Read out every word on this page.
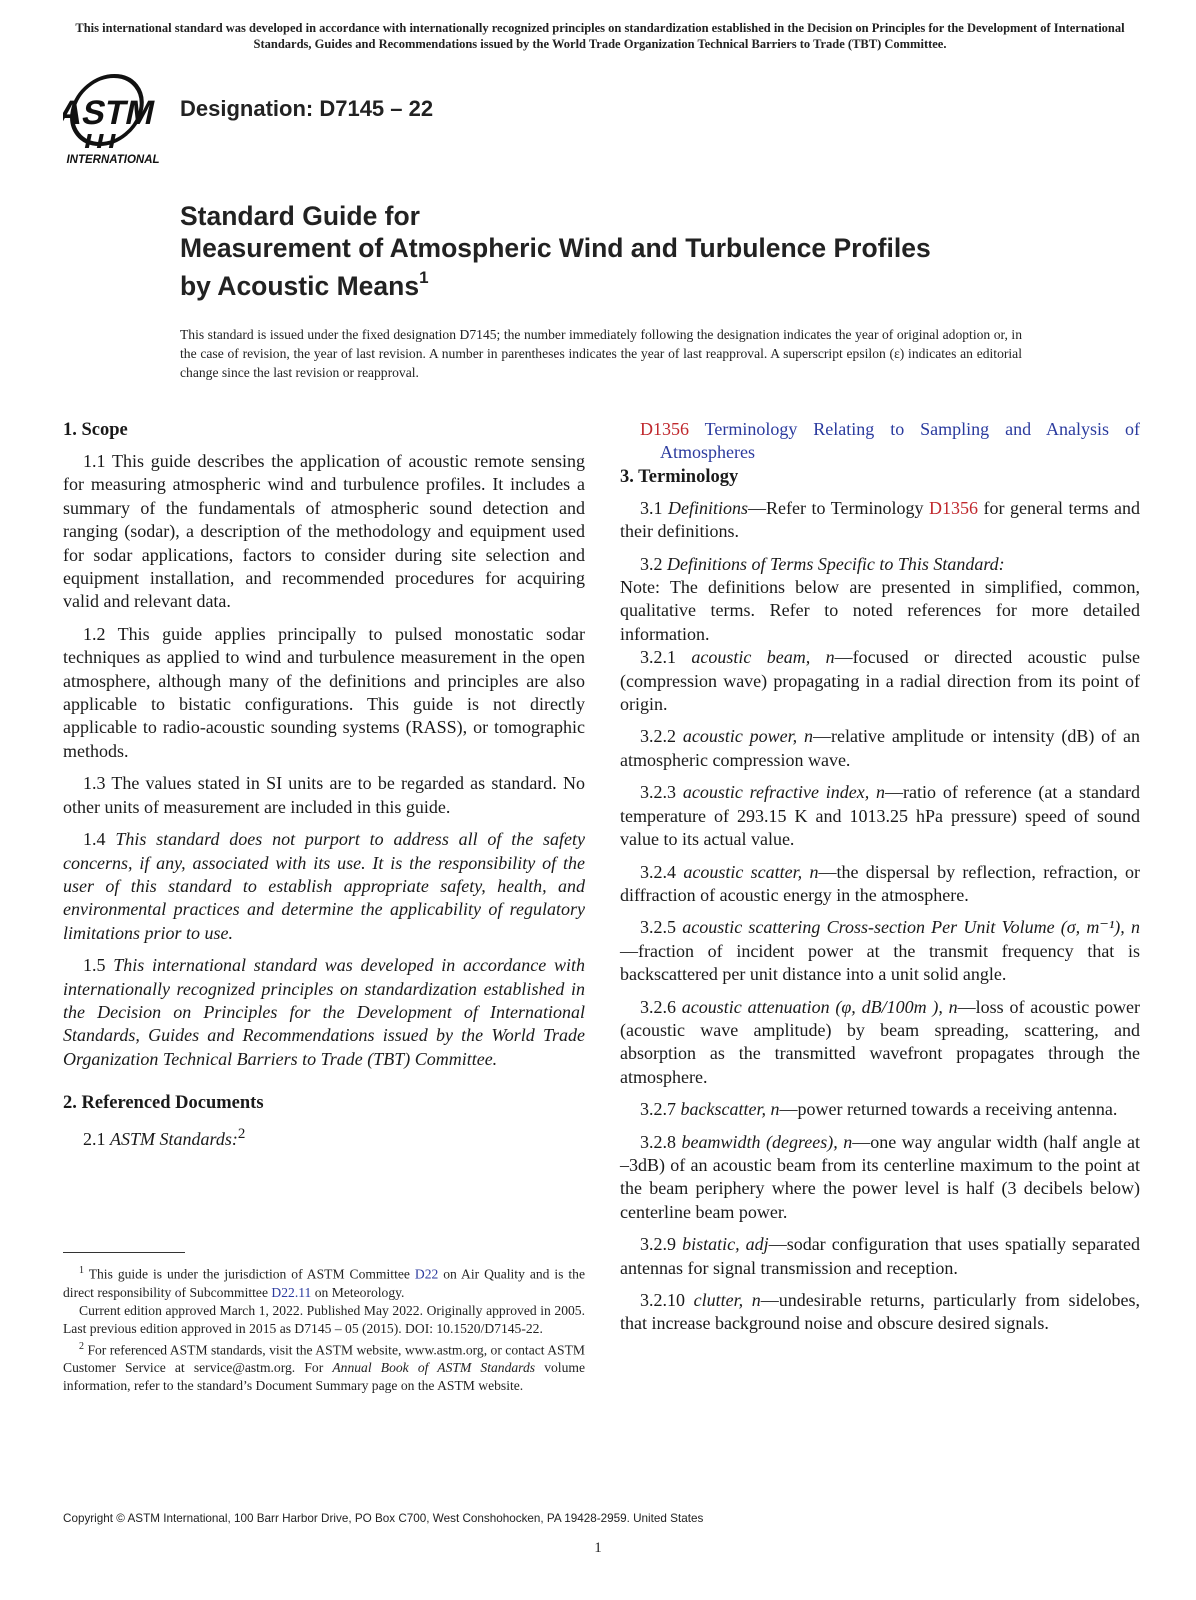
This international standard was developed in accordance with internationally recognized principles on standardization established in the Decision on Principles for the Development of International Standards, Guides and Recommendations issued by the World Trade Organization Technical Barriers to Trade (TBT) Committee.
ASTM
INTERNATIONAL
Designation: D7145 – 22
Standard Guide for
Measurement of Atmospheric Wind and Turbulence Profiles
by Acoustic Means$^1$
This standard is issued under the fixed designation D7145; the number immediately following the designation indicates the year of original adoption or, in the case of revision, the year of last revision. A number in parentheses indicates the year of last reapproval. A superscript epsilon (ε) indicates an editorial change since the last revision or reapproval.
1. Scope

1.1 This guide describes the application of acoustic remote sensing for measuring atmospheric wind and turbulence profiles. It includes a summary of the fundamentals of atmospheric sound detection and ranging (sodar), a description of the methodology and equipment used for sodar applications, factors to consider during site selection and equipment installation, and recommended procedures for acquiring valid and relevant data.

1.2 This guide applies principally to pulsed monostatic sodar techniques as applied to wind and turbulence measurement in the open atmosphere, although many of the definitions and principles are also applicable to bistatic configurations. This guide is not directly applicable to radio-acoustic sounding systems (RASS), or tomographic methods.

1.3 The values stated in SI units are to be regarded as standard. No other units of measurement are included in this guide.

1.4 This standard does not purport to address all of the safety concerns, if any, associated with its use. It is the responsibility of the user of this standard to establish appropriate safety, health, and environmental practices and determine the applicability of regulatory limitations prior to use.

1.5 This international standard was developed in accordance with internationally recognized principles on standardization established in the Decision on Principles for the Development of International Standards, Guides and Recommendations issued by the World Trade Organization Technical Barriers to Trade (TBT) Committee.

2. Referenced Documents

2.1 ASTM Standards:$^2$

D1356 Terminology Relating to Sampling and Analysis of Atmospheres

3. Terminology

3.1 Definitions—Refer to Terminology D1356 for general terms and their definitions.

3.2 Definitions of Terms Specific to This Standard:

Note: The definitions below are presented in simplified, common, qualitative terms. Refer to noted references for more detailed information.

3.2.1 acoustic beam, n—focused or directed acoustic pulse (compression wave) propagating in a radial direction from its point of origin.

3.2.2 acoustic power, n—relative amplitude or intensity (dB) of an atmospheric compression wave.

3.2.3 acoustic refractive index, n—ratio of reference (at a standard temperature of 293.15 K and 1013.25 hPa pressure) speed of sound value to its actual value.

3.2.4 acoustic scatter, n—the dispersal by reflection, refraction, or diffraction of acoustic energy in the atmosphere.

3.2.5 acoustic scattering Cross-section Per Unit Volume (σ, m⁻¹), n—fraction of incident power at the transmit frequency that is backscattered per unit distance into a unit solid angle.

3.2.6 acoustic attenuation (φ, dB/100m ), n—loss of acoustic power (acoustic wave amplitude) by beam spreading, scattering, and absorption as the transmitted wavefront propagates through the atmosphere.

3.2.7 backscatter, n—power returned towards a receiving antenna.

3.2.8 beamwidth (degrees), n—one way angular width (half angle at –3dB) of an acoustic beam from its centerline maximum to the point at the beam periphery where the power level is half (3 decibels below) centerline beam power.

3.2.9 bistatic, adj—sodar configuration that uses spatially separated antennas for signal transmission and reception.

3.2.10 clutter, n—undesirable returns, particularly from sidelobes, that increase background noise and obscure desired signals.

$^1$ This guide is under the jurisdiction of ASTM Committee D22 on Air Quality and is the direct responsibility of Subcommittee D22.11 on Meteorology.

Current edition approved March 1, 2022. Published May 2022. Originally approved in 2005. Last previous edition approved in 2015 as D7145 – 05 (2015). DOI: 10.1520/D7145-22.

$^2$ For referenced ASTM standards, visit the ASTM website, www.astm.org, or contact ASTM Customer Service at service@astm.org. For Annual Book of ASTM Standards volume information, refer to the standard’s Document Summary page on the ASTM website.

Copyright © ASTM International, 100 Barr Harbor Drive, PO Box C700, West Conshohocken, PA 19428-2959. United States
1
